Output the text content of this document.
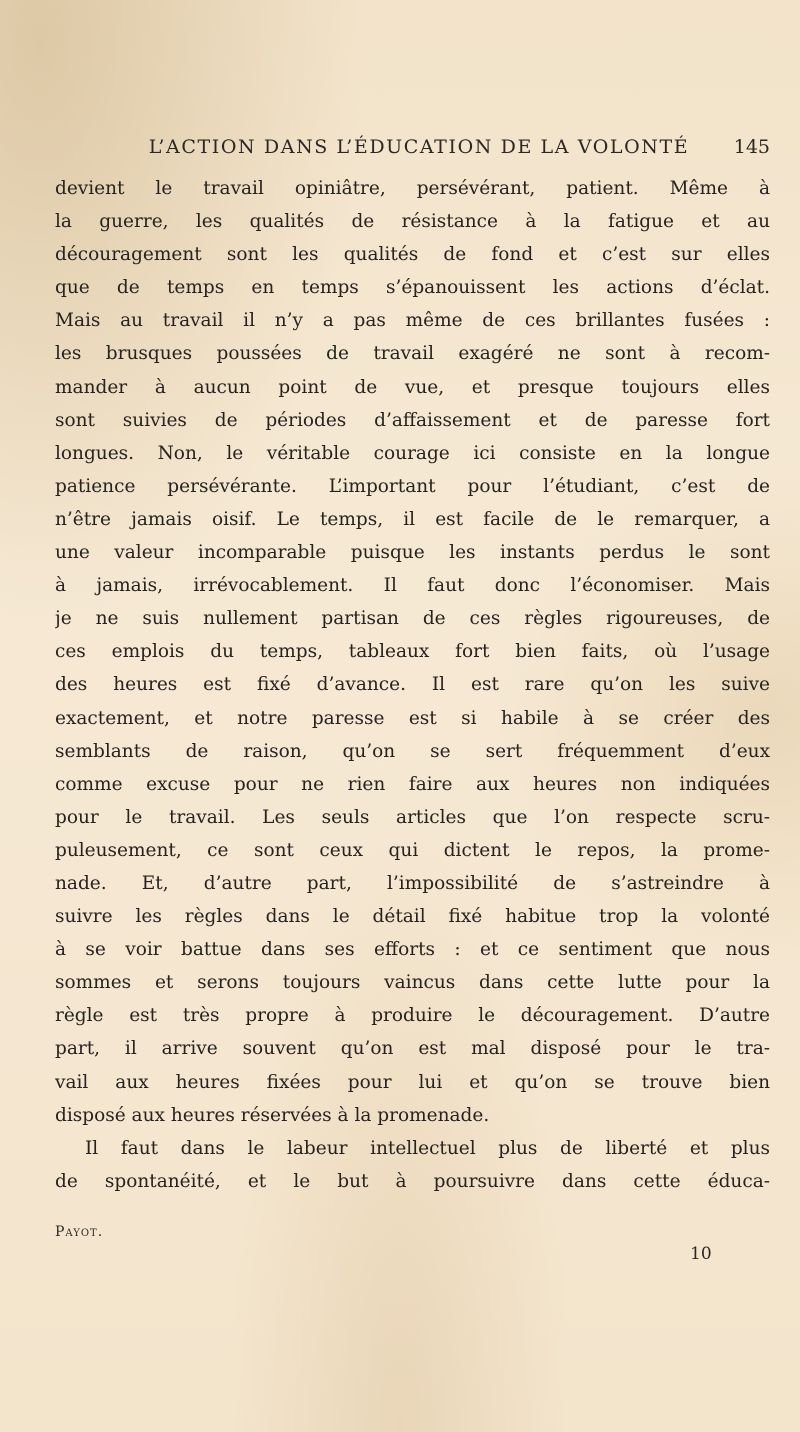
L’ACTION DANS L’ÉDUCATION DE LA VOLONTÉ	145
devient le travail opiniâtre, persévérant, patient. Même à
la guerre, les qualités de résistance à la fatigue et au
découragement sont les qualités de fond et c’est sur elles
que de temps en temps s’épanouissent les actions d’éclat.
Mais au travail il n’y a pas même de ces brillantes fusées :
les brusques poussées de travail exagéré ne sont à recom-
mander à aucun point de vue, et presque toujours elles
sont suivies de périodes d’affaissement et de paresse fort
longues. Non, le véritable courage ici consiste en la longue
patience persévérante. L’important pour l’étudiant, c’est de
n’être jamais oisif. Le temps, il est facile de le remarquer, a
une valeur incomparable puisque les instants perdus le sont
à jamais, irrévocablement. Il faut donc l’économiser. Mais
je ne suis nullement partisan de ces règles rigoureuses, de
ces emplois du temps, tableaux fort bien faits, où l’usage
des heures est fixé d’avance. Il est rare qu’on les suive
exactement, et notre paresse est si habile à se créer des
semblants de raison, qu’on se sert fréquemment d’eux
comme excuse pour ne rien faire aux heures non indiquées
pour le travail. Les seuls articles que l’on respecte scru-
puleusement, ce sont ceux qui dictent le repos, la prome-
nade. Et, d’autre part, l’impossibilité de s’astreindre à
suivre les règles dans le détail fixé habitue trop la volonté
à se voir battue dans ses efforts : et ce sentiment que nous
sommes et serons toujours vaincus dans cette lutte pour la
règle est très propre à produire le découragement. D’autre
part, il arrive souvent qu’on est mal disposé pour le tra-
vail aux heures fixées pour lui et qu’on se trouve bien
disposé aux heures réservées à la promenade.
Il faut dans le labeur intellectuel plus de liberté et plus
de spontanéité, et le but à poursuivre dans cette éduca-
Payot.
10
